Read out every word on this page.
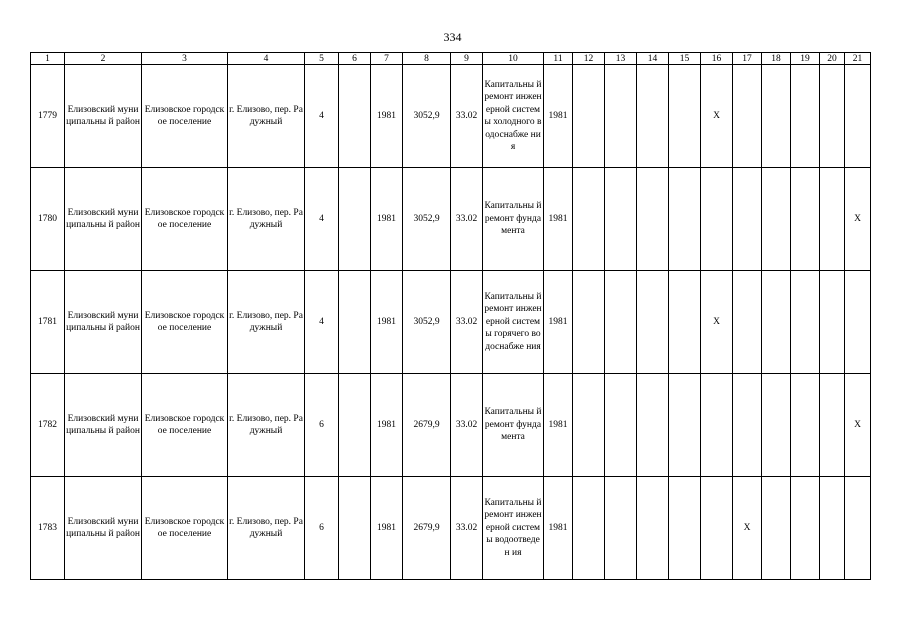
334
1	2	3	4	5	6	7	8	9	10	11	12	13	14	15	16	17	18	19	20	21

1779	Елизовский муниципальны й район	Елизовское городское поселение	г. Елизово, пер. Радужный	4		1981	3052,9	33.02	Капитальны й ремонт инженерной системы холодного водоснабже ния	1981					X					

1780	Елизовский муниципальны й район	Елизовское городское поселение	г. Елизово, пер. Радужный	4		1981	3052,9	33.02	Капитальны й ремонт фундамента	1981										X

1781	Елизовский муниципальны й район	Елизовское городское поселение	г. Елизово, пер. Радужный	4		1981	3052,9	33.02	Капитальны й ремонт инженерной системы горячего водоснабже ния	1981					X					

1782	Елизовский муниципальны й район	Елизовское городское поселение	г. Елизово, пер. Радужный	6		1981	2679,9	33.02	Капитальны й ремонт фундамента	1981										X

1783	Елизовский муниципальны й район	Елизовское городское поселение	г. Елизово, пер. Радужный	6		1981	2679,9	33.02	Капитальны й ремонт инженерной системы водоотведен ия	1981						X				
